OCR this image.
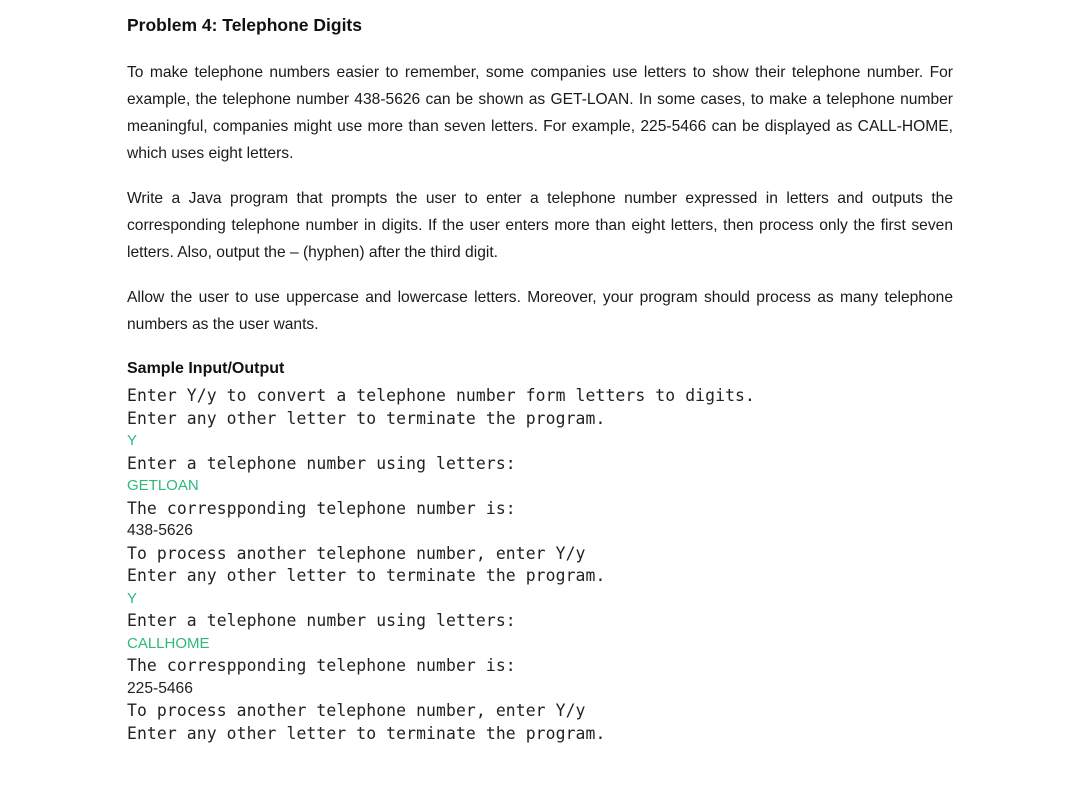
Problem 4: Telephone Digits

To make telephone numbers easier to remember, some companies use letters to show their telephone number. For example, the telephone number 438-5626 can be shown as GET-LOAN. In some cases, to make a telephone number meaningful, companies might use more than seven letters. For example, 225-5466 can be displayed as CALL-HOME, which uses eight letters.

Write a Java program that prompts the user to enter a telephone number expressed in letters and outputs the corresponding telephone number in digits. If the user enters more than eight letters, then process only the first seven letters. Also, output the – (hyphen) after the third digit.

Allow the user to use uppercase and lowercase letters. Moreover, your program should process as many telephone numbers as the user wants.

Sample Input/Output
Enter Y/y to convert a telephone number form letters to digits.
Enter any other letter to terminate the program.
Y
Enter a telephone number using letters:
GETLOAN
The correspponding telephone number is:
438-5626
To process another telephone number, enter Y/y
Enter any other letter to terminate the program.
Y
Enter a telephone number using letters:
CALLHOME
The correspponding telephone number is:
225-5466
To process another telephone number, enter Y/y
Enter any other letter to terminate the program.
